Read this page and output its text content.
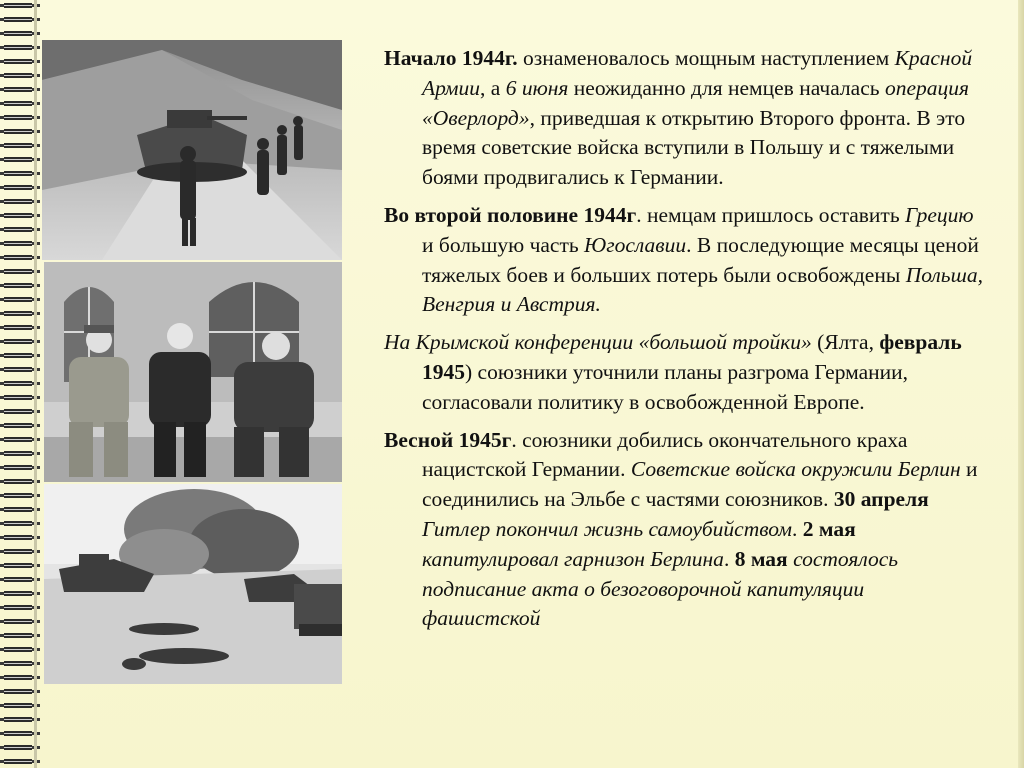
Начало 1944г. ознаменовалось мощным наступлением Красной Армии, а 6 июня неожиданно для немцев началась операция «Оверлорд», приведшая к открытию Второго фронта. В это время советские войска вступили в Польшу и с тяжелыми боями продвигались к Германии.

Во второй половине 1944г. немцам пришлось оставить Грецию и большую часть Югославии. В последующие месяцы ценой тяжелых боев и больших потерь были освобождены Польша, Венгрия и Австрия.

На Крымской конференции «большой тройки» (Ялта, февраль 1945) союзники уточнили планы разгрома Германии, согласовали политику в освобожденной Европе.

Весной 1945г. союзники добились окончательного краха нацистской Германии. Советские войска окружили Берлин и соединились на Эльбе с частями союзников. 30 апреля Гитлер покончил жизнь самоубийством. 2 мая капитулировал гарнизон Берлина. 8 мая состоялось подписание акта о безоговорочной капитуляции фашистской
